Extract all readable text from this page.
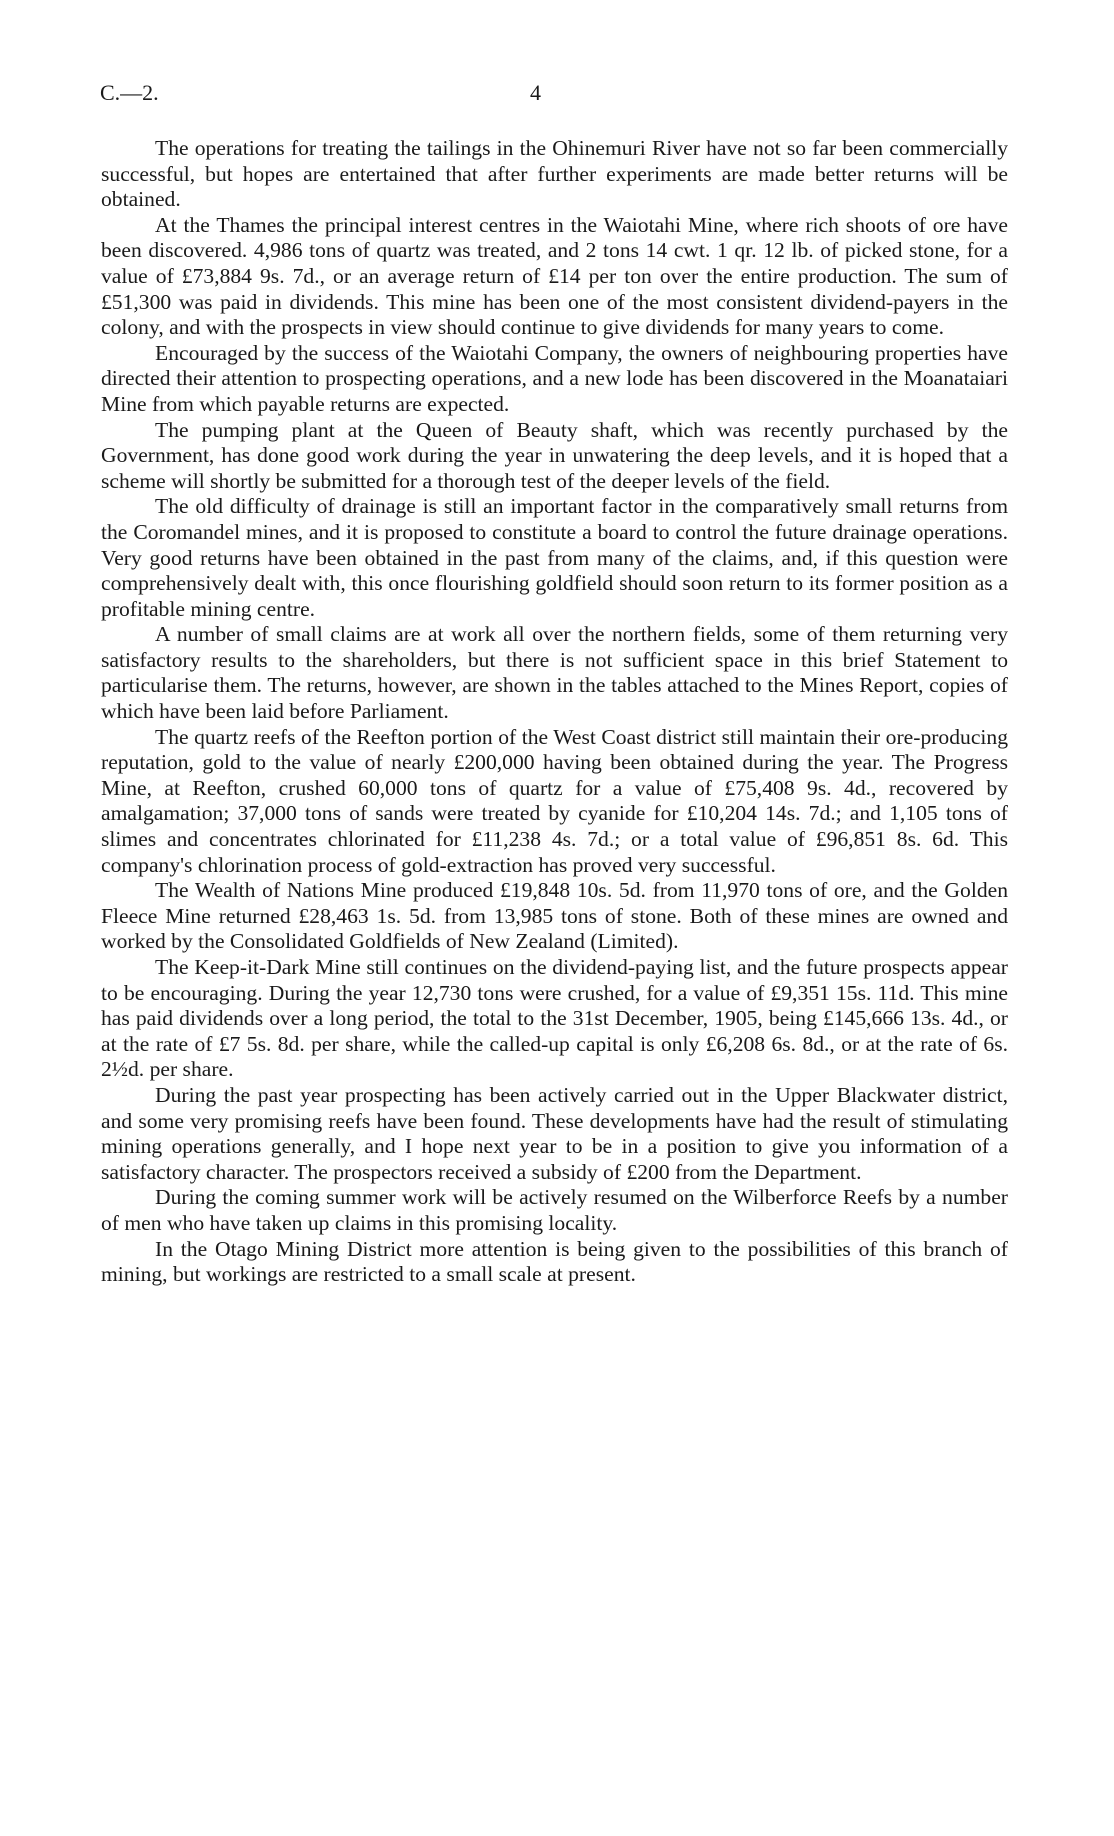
C.—2.	4

The operations for treating the tailings in the Ohinemuri River have not so far been commercially successful, but hopes are entertained that after further experiments are made better returns will be obtained.

At the Thames the principal interest centres in the Waiotahi Mine, where rich shoots of ore have been discovered. 4,986 tons of quartz was treated, and 2 tons 14 cwt. 1 qr. 12 lb. of picked stone, for a value of £73,884 9s. 7d., or an average return of £14 per ton over the entire production. The sum of £51,300 was paid in dividends. This mine has been one of the most consistent dividend-payers in the colony, and with the prospects in view should continue to give dividends for many years to come.

Encouraged by the success of the Waiotahi Company, the owners of neighbouring properties have directed their attention to prospecting operations, and a new lode has been discovered in the Moanataiari Mine from which payable returns are expected.

The pumping plant at the Queen of Beauty shaft, which was recently purchased by the Government, has done good work during the year in unwatering the deep levels, and it is hoped that a scheme will shortly be submitted for a thorough test of the deeper levels of the field.

The old difficulty of drainage is still an important factor in the comparatively small returns from the Coromandel mines, and it is proposed to constitute a board to control the future drainage operations. Very good returns have been obtained in the past from many of the claims, and, if this question were comprehensively dealt with, this once flourishing goldfield should soon return to its former position as a profitable mining centre.

A number of small claims are at work all over the northern fields, some of them returning very satisfactory results to the shareholders, but there is not sufficient space in this brief Statement to particularise them. The returns, however, are shown in the tables attached to the Mines Report, copies of which have been laid before Parliament.

The quartz reefs of the Reefton portion of the West Coast district still maintain their ore-producing reputation, gold to the value of nearly £200,000 having been obtained during the year. The Progress Mine, at Reefton, crushed 60,000 tons of quartz for a value of £75,408 9s. 4d., recovered by amalgamation; 37,000 tons of sands were treated by cyanide for £10,204 14s. 7d.; and 1,105 tons of slimes and concentrates chlorinated for £11,238 4s. 7d.; or a total value of £96,851 8s. 6d. This company's chlorination process of gold-extraction has proved very successful.

The Wealth of Nations Mine produced £19,848 10s. 5d. from 11,970 tons of ore, and the Golden Fleece Mine returned £28,463 1s. 5d. from 13,985 tons of stone. Both of these mines are owned and worked by the Consolidated Goldfields of New Zealand (Limited).

The Keep-it-Dark Mine still continues on the dividend-paying list, and the future prospects appear to be encouraging. During the year 12,730 tons were crushed, for a value of £9,351 15s. 11d. This mine has paid dividends over a long period, the total to the 31st December, 1905, being £145,666 13s. 4d., or at the rate of £7 5s. 8d. per share, while the called-up capital is only £6,208 6s. 8d., or at the rate of 6s. 2½d. per share.

During the past year prospecting has been actively carried out in the Upper Blackwater district, and some very promising reefs have been found. These developments have had the result of stimulating mining operations generally, and I hope next year to be in a position to give you information of a satisfactory character. The prospectors received a subsidy of £200 from the Department.

During the coming summer work will be actively resumed on the Wilberforce Reefs by a number of men who have taken up claims in this promising locality.

In the Otago Mining District more attention is being given to the possibilities of this branch of mining, but workings are restricted to a small scale at present.
